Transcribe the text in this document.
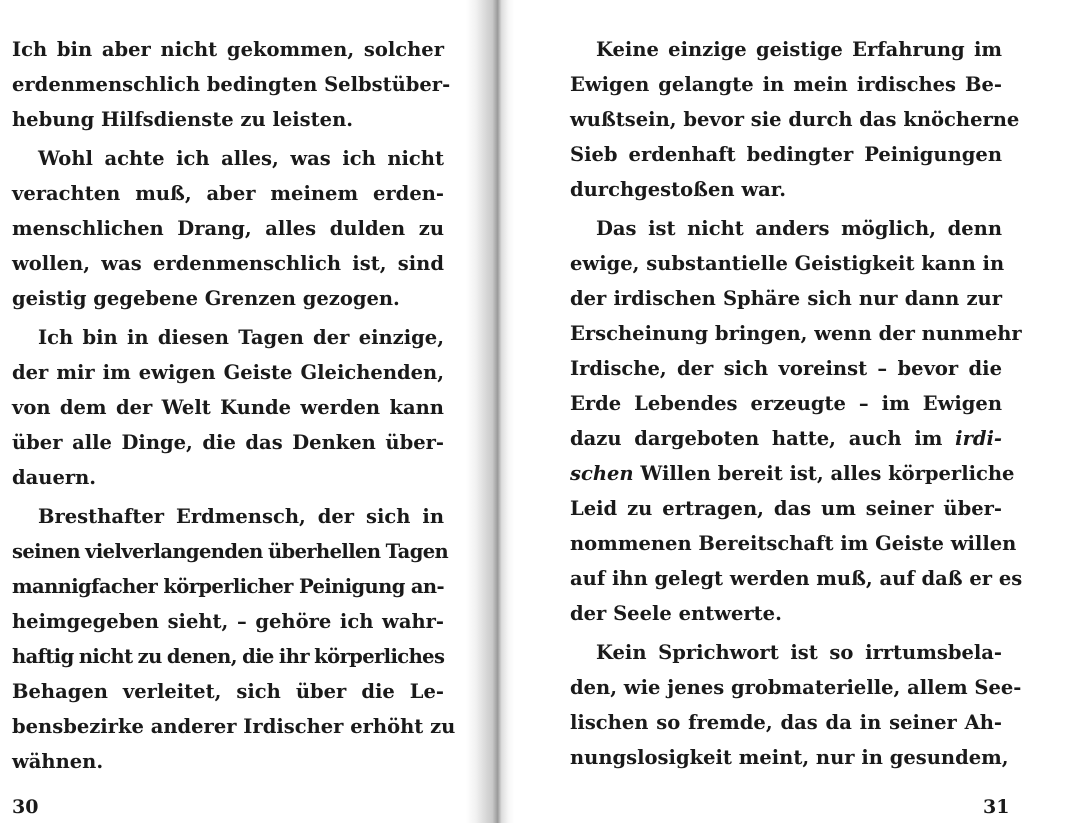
Ich bin aber nicht gekommen, solcher
erdenmenschlich bedingten Selbstüber-
hebung Hilfsdienste zu leisten.

Wohl achte ich alles, was ich nicht
verachten muß, aber meinem erden-
menschlichen Drang, alles dulden zu
wollen, was erdenmenschlich ist, sind
geistig gegebene Grenzen gezogen.

Ich bin in diesen Tagen der einzige,
der mir im ewigen Geiste Gleichenden,
von dem der Welt Kunde werden kann
über alle Dinge, die das Denken über-
dauern.

Bresthafter Erdmensch, der sich in
seinen vielverlangenden überhellen Tagen
mannigfacher körperlicher Peinigung an-
heimgegeben sieht, – gehöre ich wahr-
haftig nicht zu denen, die ihr körperliches
Behagen verleitet, sich über die Le-
bensbezirke anderer Irdischer erhöht zu
wähnen.

Keine einzige geistige Erfahrung im
Ewigen gelangte in mein irdisches Be-
wußtsein, bevor sie durch das knöcherne
Sieb erdenhaft bedingter Peinigungen
durchgestoßen war.

Das ist nicht anders möglich, denn
ewige, substantielle Geistigkeit kann in
der irdischen Sphäre sich nur dann zur
Erscheinung bringen, wenn der nunmehr
Irdische, der sich voreinst – bevor die
Erde Lebendes erzeugte – im Ewigen
dazu dargeboten hatte, auch im irdi-
schen Willen bereit ist, alles körperliche
Leid zu ertragen, das um seiner über-
nommenen Bereitschaft im Geiste willen
auf ihn gelegt werden muß, auf daß er es
der Seele entwerte.

Kein Sprichwort ist so irrtumsbela-
den, wie jenes grobmaterielle, allem See-
lischen so fremde, das da in seiner Ah-
nungslosigkeit meint, nur in gesundem,

30	31
